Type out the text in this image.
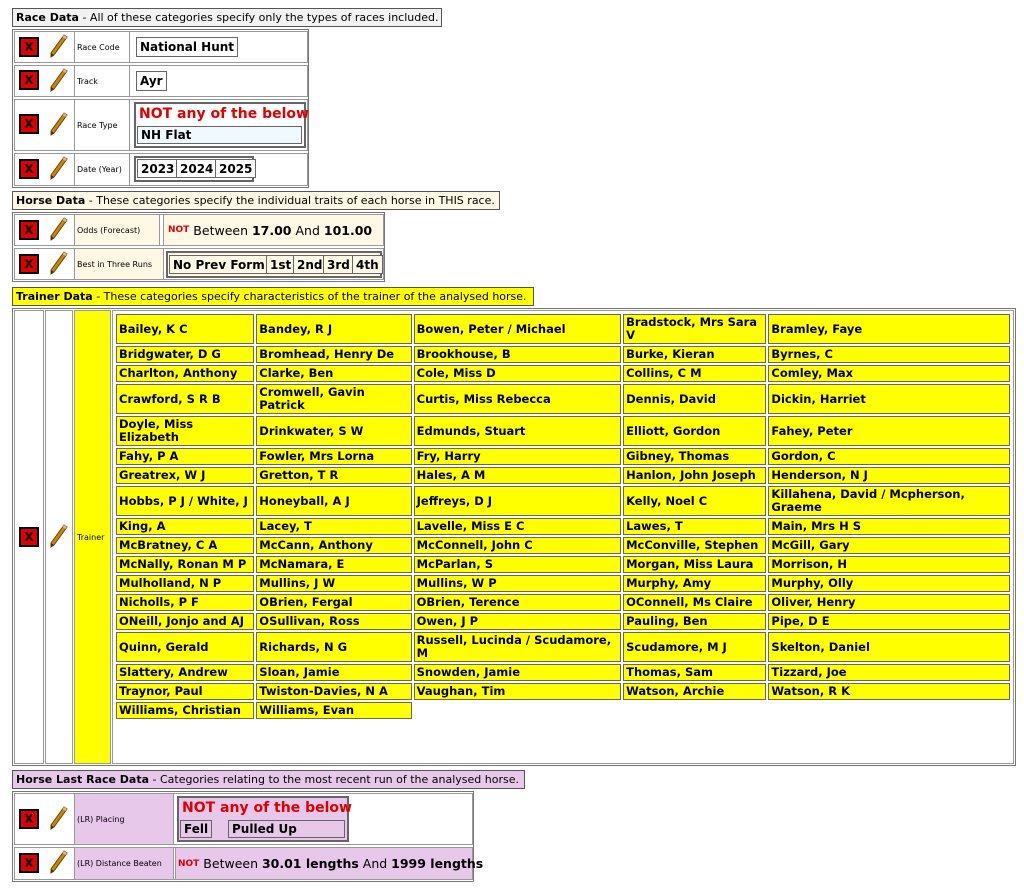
Race Data - All of these categories specify only the types of races included.
X	Race Code	National Hunt
X	Track	Ayr
X	Race Type
NOT any of the below
NH Flat
X	Date (Year)	2023 2024 2025
Horse Data - These categories specify the individual traits of each horse in THIS race.
X	Odds (Forecast)	NOT Between 17.00 And 101.00
X	Best in Three Runs	No Prev Form 1st 2nd 3rd 4th
Trainer Data - These categories specify characteristics of the trainer of the analysed horse.
X	Trainer
Bailey, K C	Bandey, R J	Bowen, Peter / Michael	Bradstock, Mrs Sara V	Bramley, Faye
Bridgwater, D G	Bromhead, Henry De	Brookhouse, B	Burke, Kieran	Byrnes, C
Charlton, Anthony	Clarke, Ben	Cole, Miss D	Collins, C M	Comley, Max
Crawford, S R B	Cromwell, Gavin Patrick	Curtis, Miss Rebecca	Dennis, David	Dickin, Harriet
Doyle, Miss Elizabeth	Drinkwater, S W	Edmunds, Stuart	Elliott, Gordon	Fahey, Peter
Fahy, P A	Fowler, Mrs Lorna	Fry, Harry	Gibney, Thomas	Gordon, C
Greatrex, W J	Gretton, T R	Hales, A M	Hanlon, John Joseph	Henderson, N J
Hobbs, P J / White, J	Honeyball, A J	Jeffreys, D J	Kelly, Noel C	Killahena, David / Mcpherson, Graeme
King, A	Lacey, T	Lavelle, Miss E C	Lawes, T	Main, Mrs H S
McBratney, C A	McCann, Anthony	McConnell, John C	McConville, Stephen	McGill, Gary
McNally, Ronan M P	McNamara, E	McParlan, S	Morgan, Miss Laura	Morrison, H
Mulholland, N P	Mullins, J W	Mullins, W P	Murphy, Amy	Murphy, Olly
Nicholls, P F	OBrien, Fergal	OBrien, Terence	OConnell, Ms Claire	Oliver, Henry
ONeill, Jonjo and AJ	OSullivan, Ross	Owen, J P	Pauling, Ben	Pipe, D E
Quinn, Gerald	Richards, N G	Russell, Lucinda / Scudamore, M	Scudamore, M J	Skelton, Daniel
Slattery, Andrew	Sloan, Jamie	Snowden, Jamie	Thomas, Sam	Tizzard, Joe
Traynor, Paul	Twiston-Davies, N A	Vaughan, Tim	Watson, Archie	Watson, R K
Williams, Christian	Williams, Evan			
Horse Last Race Data - Categories relating to the most recent run of the analysed horse.
X	(LR) Placing
NOT any of the below
Fell	Pulled Up
X	(LR) Distance Beaten	NOT Between 30.01 lengths And 1999 lengths
